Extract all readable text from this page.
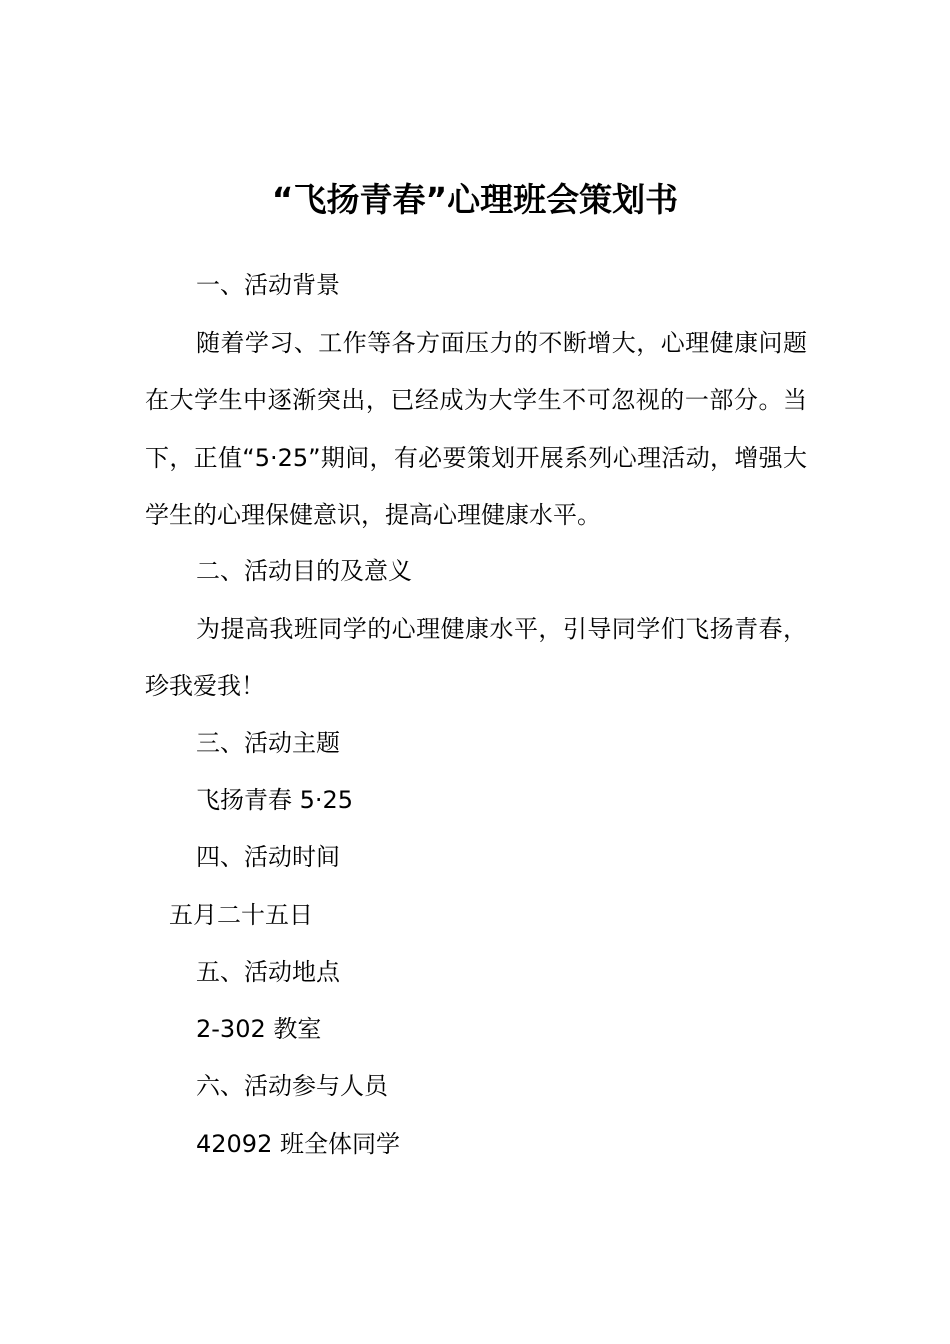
“飞扬青春”心理班会策划书

一、活动背景

随着学习、工作等各方面压力的不断增大，心理健康问题在大学生中逐渐突出，已经成为大学生不可忽视的一部分。当下，正值“5·25”期间，有必要策划开展系列心理活动，增强大学生的心理保健意识，提高心理健康水平。

二、活动目的及意义

为提高我班同学的心理健康水平，引导同学们飞扬青春，珍我爱我！

三、活动主题

飞扬青春 5·25

四、活动时间

五月二十五日

五、活动地点

2-302 教室

六、活动参与人员

42092 班全体同学
